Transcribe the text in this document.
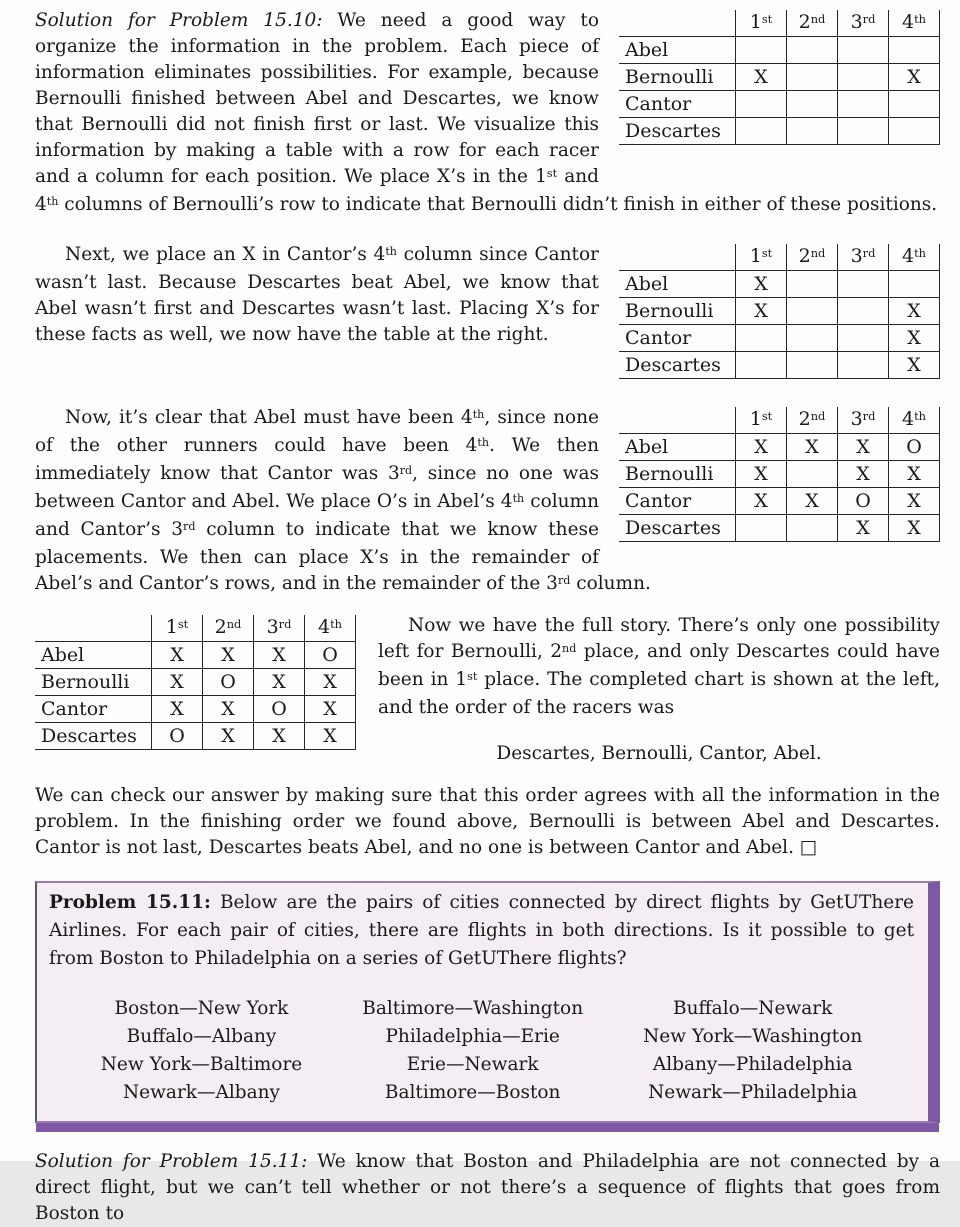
	1st	2nd	3rd	4th
Abel				
Bernoulli	X			X
Cantor				
Descartes				

Solution for Problem 15.10: We need a good way to organize the information in the problem. Each piece of information eliminates possibilities. For example, because Bernoulli finished between Abel and Descartes, we know that Bernoulli did not finish first or last. We visualize this information by making a table with a row for each racer and a column for each position. We place X’s in the 1st and 4th columns of Bernoulli’s row to indicate that Bernoulli didn’t finish in either of these positions.

	1st	2nd	3rd	4th
Abel	X			
Bernoulli	X			X
Cantor				X
Descartes				X

Next, we place an X in Cantor’s 4th column since Cantor wasn’t last. Because Descartes beat Abel, we know that Abel wasn’t first and Descartes wasn’t last. Placing X’s for these facts as well, we now have the table at the right.

	1st	2nd	3rd	4th
Abel	X	X	X	O
Bernoulli	X		X	X
Cantor	X	X	O	X
Descartes			X	X

Now, it’s clear that Abel must have been 4th, since none of the other runners could have been 4th. We then immediately know that Cantor was 3rd, since no one was between Cantor and Abel. We place O’s in Abel’s 4th column and Cantor’s 3rd column to indicate that we know these placements. We then can place X’s in the remainder of Abel’s and Cantor’s rows, and in the remainder of the 3rd column.

	1st	2nd	3rd	4th
Abel	X	X	X	O
Bernoulli	X	O	X	X
Cantor	X	X	O	X
Descartes	O	X	X	X

Now we have the full story. There’s only one possibility left for Bernoulli, 2nd place, and only Descartes could have been in 1st place. The completed chart is shown at the left, and the order of the racers was

Descartes, Bernoulli, Cantor, Abel.

We can check our answer by making sure that this order agrees with all the information in the problem. In the finishing order we found above, Bernoulli is between Abel and Descartes. Cantor is not last, Descartes beats Abel, and no one is between Cantor and Abel. □

Problem 15.11: Below are the pairs of cities connected by direct flights by GetUThere Airlines. For each pair of cities, there are flights in both directions. Is it possible to get from Boston to Philadelphia on a series of GetUThere flights?

Boston—New York	Baltimore—Washington	Buffalo—Newark
Buffalo—Albany	Philadelphia—Erie	New York—Washington
New York—Baltimore	Erie—Newark	Albany—Philadelphia
Newark—Albany	Baltimore—Boston	Newark—Philadelphia

Solution for Problem 15.11: We know that Boston and Philadelphia are not connected by a direct flight, but we can’t tell whether or not there’s a sequence of flights that goes from Boston to
